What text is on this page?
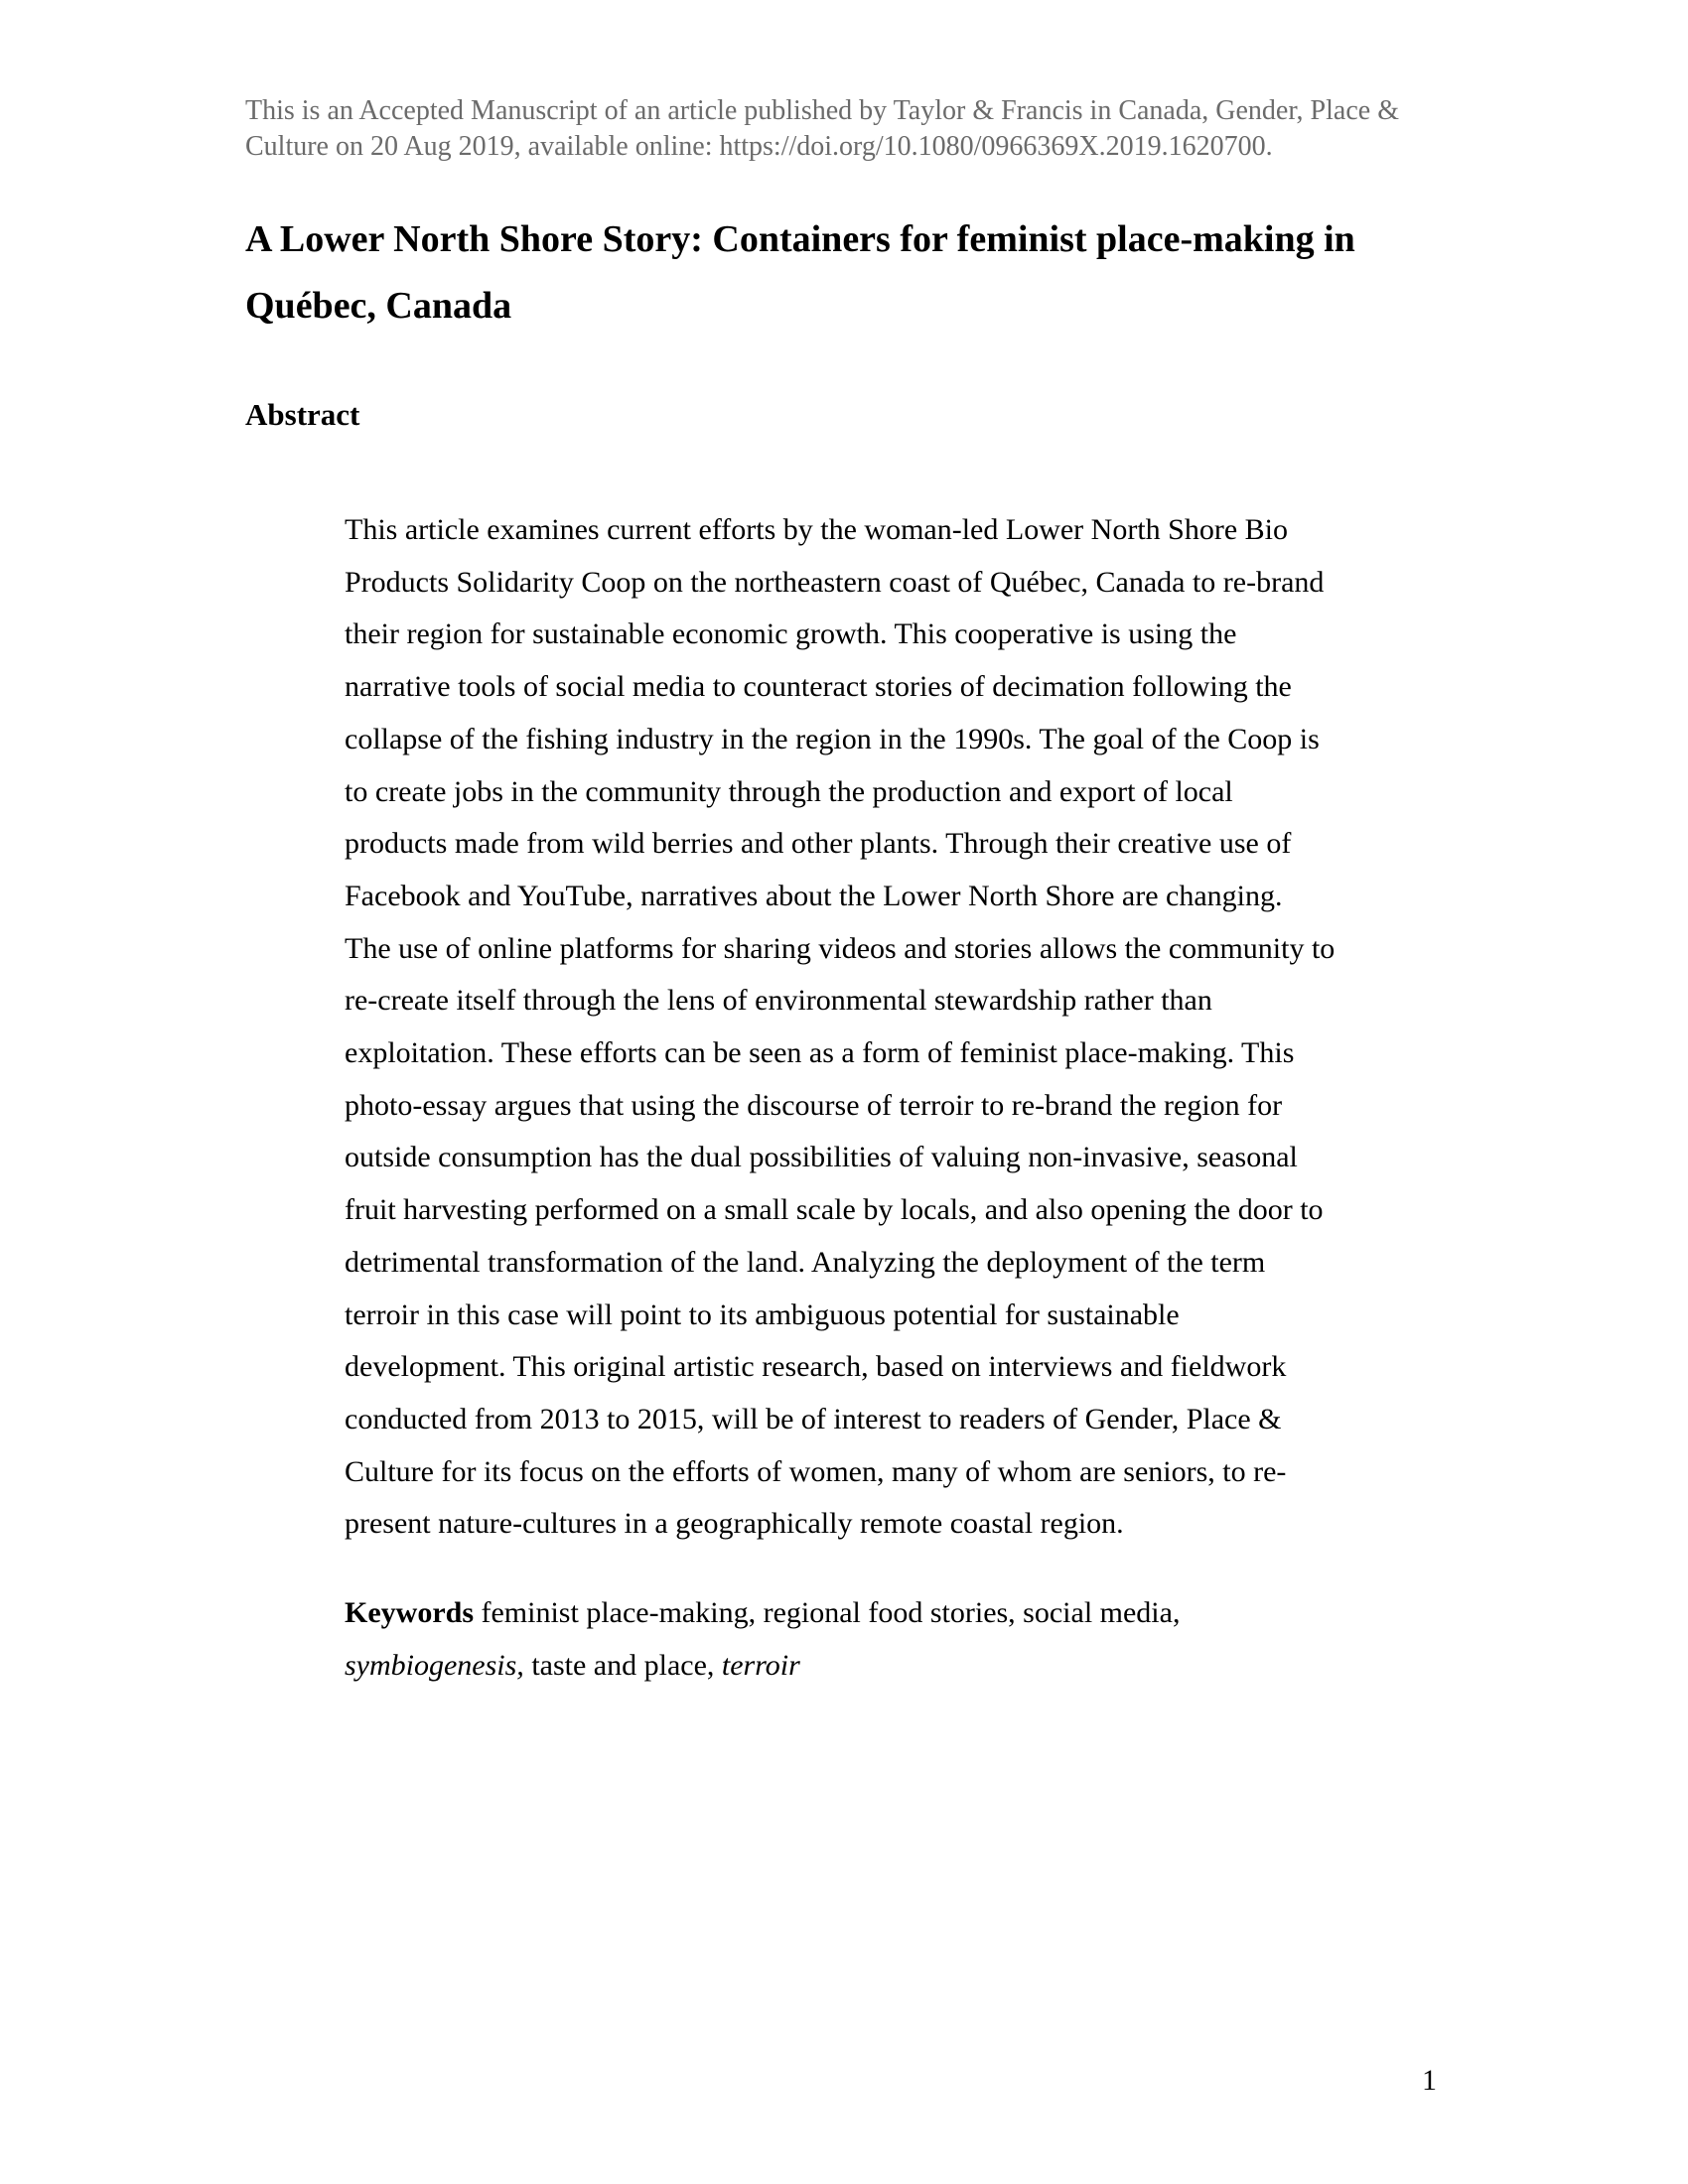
This is an Accepted Manuscript of an article published by Taylor & Francis in Canada, Gender, Place &

Culture on 20 Aug 2019, available online: https://doi.org/10.1080/0966369X.2019.1620700.

A Lower North Shore Story: Containers for feminist place-making in
Québec, Canada
Abstract
This article examines current efforts by the woman-led Lower North Shore Bio
Products Solidarity Coop on the northeastern coast of Québec, Canada to re-brand
their region for sustainable economic growth. This cooperative is using the
narrative tools of social media to counteract stories of decimation following the
collapse of the fishing industry in the region in the 1990s. The goal of the Coop is
to create jobs in the community through the production and export of local
products made from wild berries and other plants. Through their creative use of
Facebook and YouTube, narratives about the Lower North Shore are changing.
The use of online platforms for sharing videos and stories allows the community to
re-create itself through the lens of environmental stewardship rather than
exploitation. These efforts can be seen as a form of feminist place-making. This
photo-essay argues that using the discourse of terroir to re-brand the region for
outside consumption has the dual possibilities of valuing non-invasive, seasonal
fruit harvesting performed on a small scale by locals, and also opening the door to
detrimental transformation of the land. Analyzing the deployment of the term
terroir in this case will point to its ambiguous potential for sustainable
development. This original artistic research, based on interviews and fieldwork
conducted from 2013 to 2015, will be of interest to readers of Gender, Place &
Culture for its focus on the efforts of women, many of whom are seniors, to re-
present nature-cultures in a geographically remote coastal region.
Keywords feminist place-making, regional food stories, social media,
symbiogenesis, taste and place, terroir
1
